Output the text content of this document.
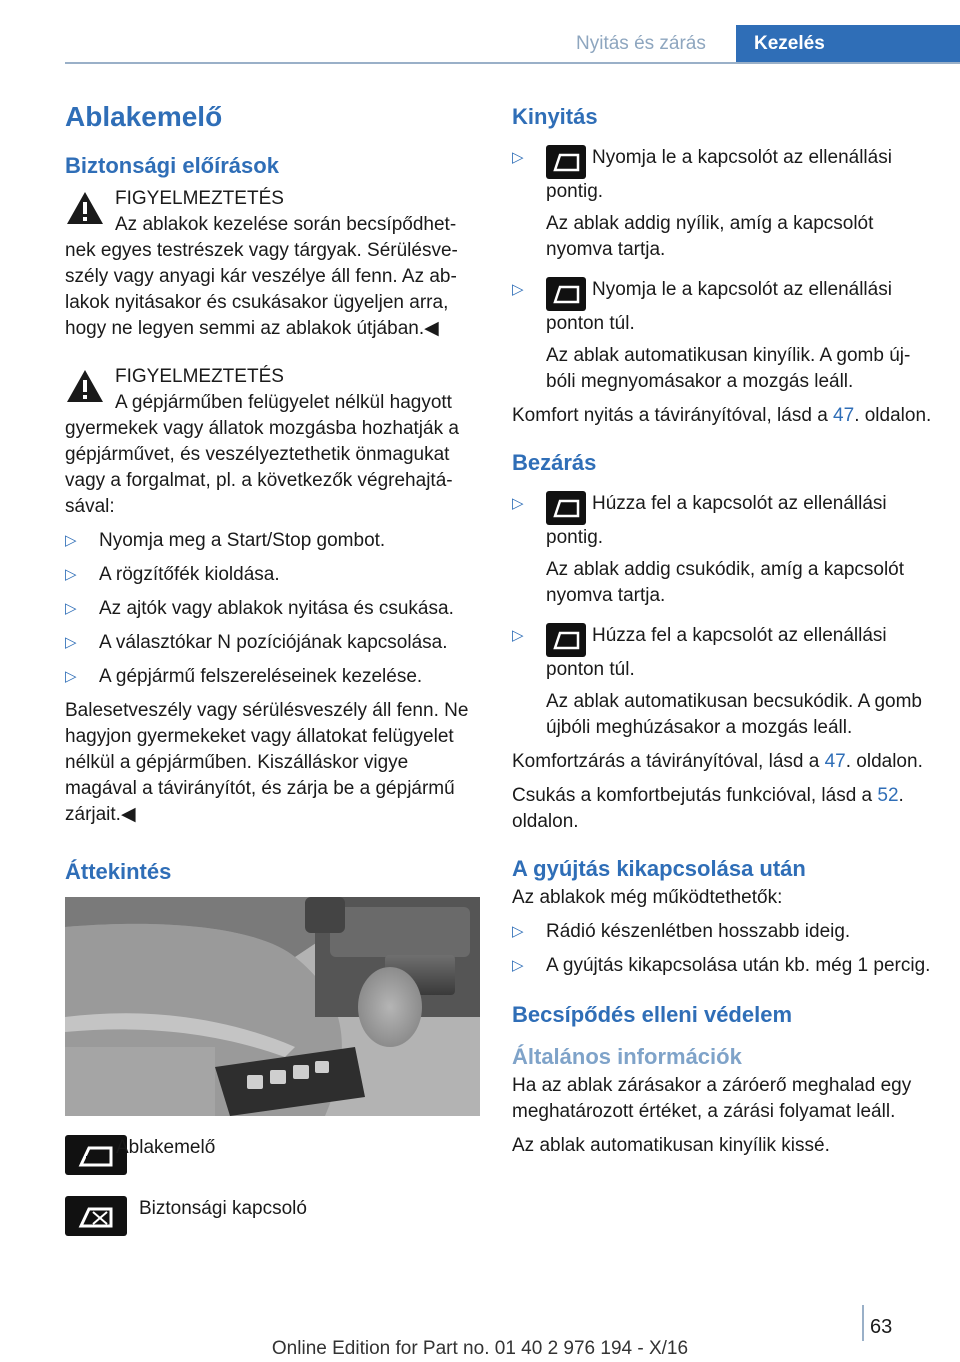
Nyitás és zárás	Kezelés
Ablakemelő
Biztonsági előírások
FIGYELMEZTETÉS
Az ablakok kezelése során becsípődhet-

nek egyes testrészek vagy tárgyak. Sérülésveszély vagy anyagi kár veszélye áll fenn. Az ablakok nyitásakor és csukásakor ügyeljen arra, hogy ne legyen semmi az ablakok útjában.◀

FIGYELMEZTETÉS
A gépjárműben felügyelet nélkül hagyott

gyermekek vagy állatok mozgásba hozhatják a gépjárművet, és veszélyeztethetik önmagukat vagy a forgalmat, pl. a következők végrehajtásával:

▷ Nyomja meg a Start/Stop gombot.
▷ A rögzítőfék kioldása.
▷ Az ajtók vagy ablakok nyitása és csukása.
▷ A választókar N pozíciójának kapcsolása.
▷ A gépjármű felszereléseinek kezelése.

Balesetveszély vagy sérülésveszély áll fenn. Ne hagyjon gyermekeket vagy állatokat felügyelet nélkül a gépjárműben. Kiszálláskor vigye magával a távirányítót, és zárja be a gépjármű zárjait.◀

Áttekintés
Ablakemelő
Biztonsági kapcsoló
Kinyitás
▷ Nyomja le a kapcsolót az ellenállási pontig.
Az ablak addig nyílik, amíg a kapcsolót nyomva tartja.
▷ Nyomja le a kapcsolót az ellenállási ponton túl.
Az ablak automatikusan kinyílik. A gomb újbóli megnyomásakor a mozgás leáll.

Komfort nyitás a távirányítóval, lásd a 47. oldalon.

Bezárás
▷ Húzza fel a kapcsolót az ellenállási pontig.
Az ablak addig csukódik, amíg a kapcsolót nyomva tartja.
▷ Húzza fel a kapcsolót az ellenállási ponton túl.
Az ablak automatikusan becsukódik. A gomb újbóli meghúzásakor a mozgás leáll.

Komfortzárás a távirányítóval, lásd a 47. oldalon.

Csukás a komfortbejutás funkcióval, lásd a 52. oldalon.

A gyújtás kikapcsolása után

Az ablakok még működtethetők:

▷ Rádió készenlétben hosszabb ideig.
▷ A gyújtás kikapcsolása után kb. még 1 percig.
Becsípődés elleni védelem
Általános információk

Ha az ablak zárásakor a záróerő meghalad egy meghatározott értéket, a zárási folyamat leáll.

Az ablak automatikusan kinyílik kissé.

63
Online Edition for Part no. 01 40 2 976 194 - X/16
